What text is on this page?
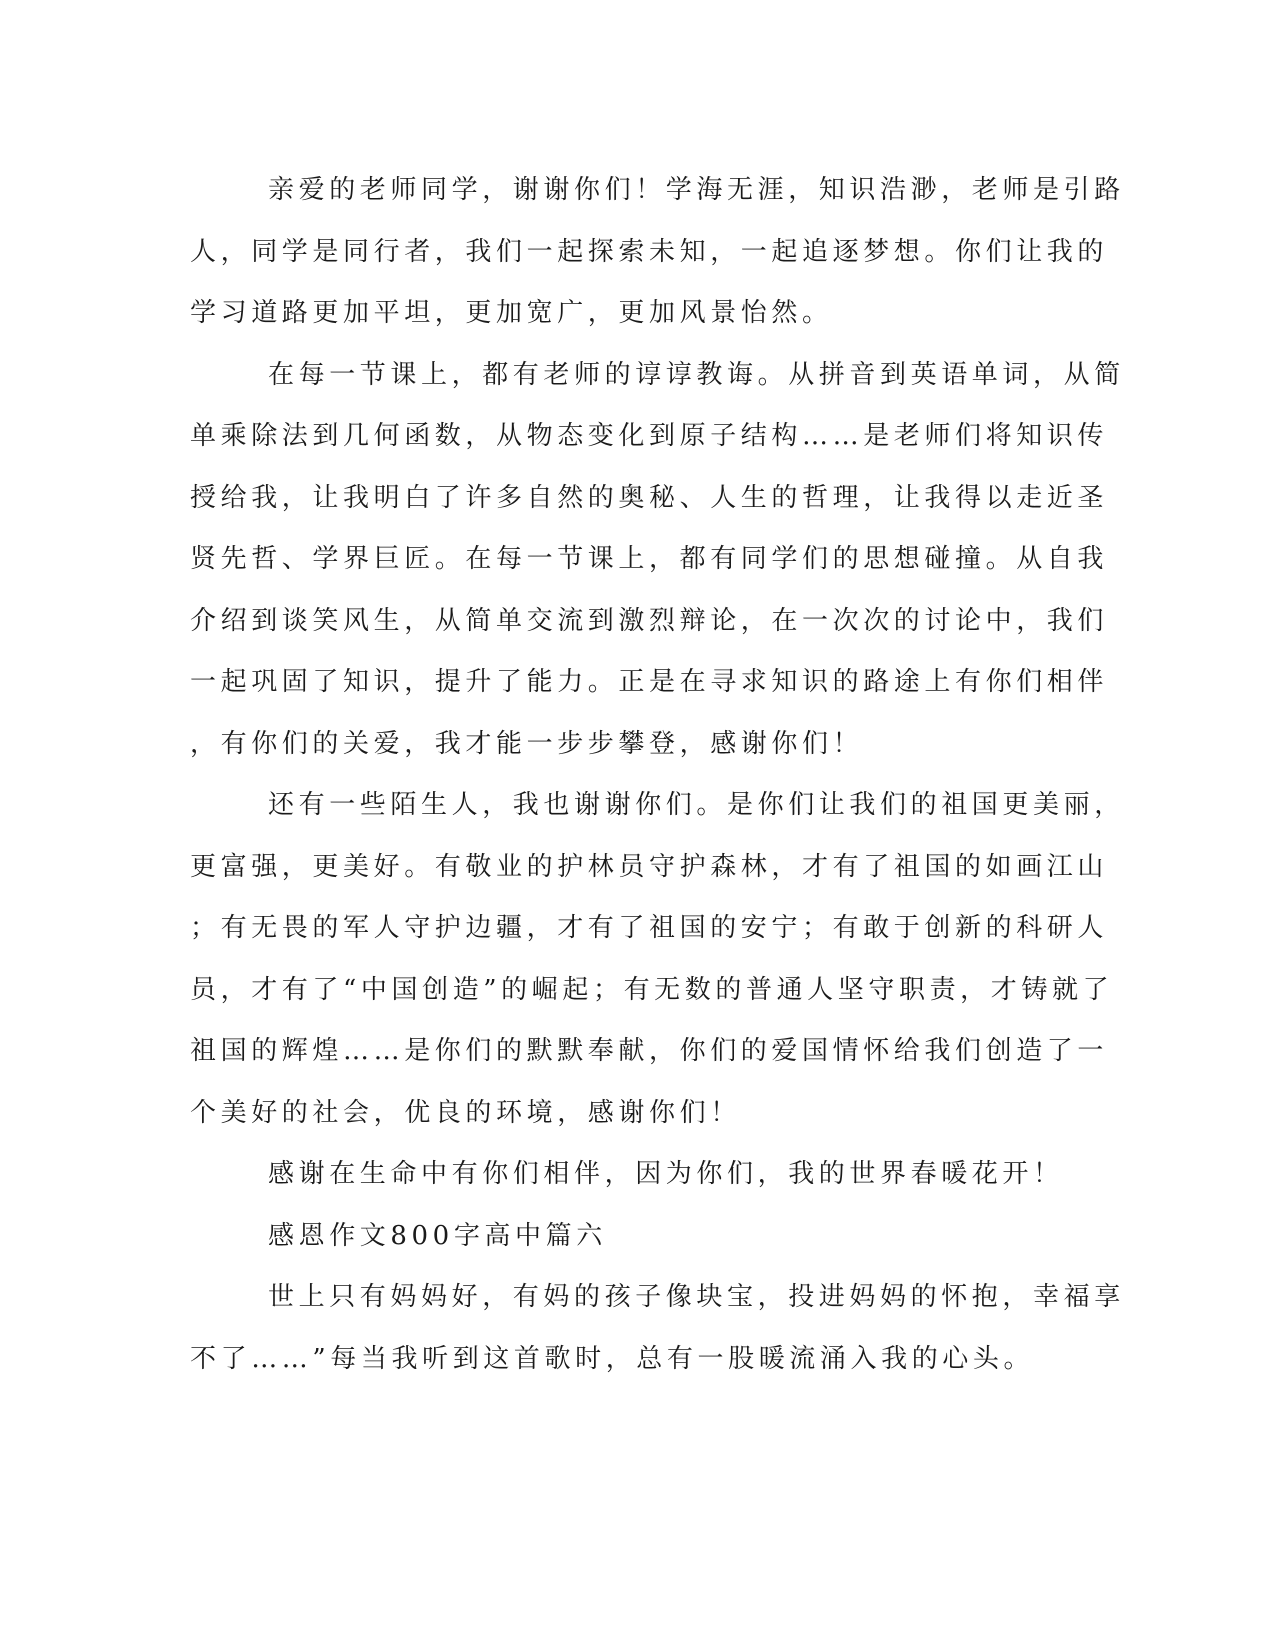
亲爱的老师同学，谢谢你们！学海无涯，知识浩渺，老师是引路
人，同学是同行者，我们一起探索未知，一起追逐梦想。你们让我的
学习道路更加平坦，更加宽广，更加风景怡然。
在每一节课上，都有老师的谆谆教诲。从拼音到英语单词，从简
单乘除法到几何函数，从物态变化到原子结构……是老师们将知识传
授给我，让我明白了许多自然的奥秘、人生的哲理，让我得以走近圣
贤先哲、学界巨匠。在每一节课上，都有同学们的思想碰撞。从自我
介绍到谈笑风生，从简单交流到激烈辩论，在一次次的讨论中，我们
一起巩固了知识，提升了能力。正是在寻求知识的路途上有你们相伴
，有你们的关爱，我才能一步步攀登，感谢你们！
还有一些陌生人，我也谢谢你们。是你们让我们的祖国更美丽，
更富强，更美好。有敬业的护林员守护森林，才有了祖国的如画江山
；有无畏的军人守护边疆，才有了祖国的安宁；有敢于创新的科研人
员，才有了“中国创造”的崛起；有无数的普通人坚守职责，才铸就了
祖国的辉煌……是你们的默默奉献，你们的爱国情怀给我们创造了一
个美好的社会，优良的环境，感谢你们！
感谢在生命中有你们相伴，因为你们，我的世界春暖花开！
感恩作文800字高中篇六
世上只有妈妈好，有妈的孩子像块宝，投进妈妈的怀抱，幸福享
不了……”每当我听到这首歌时，总有一股暖流涌入我的心头。
